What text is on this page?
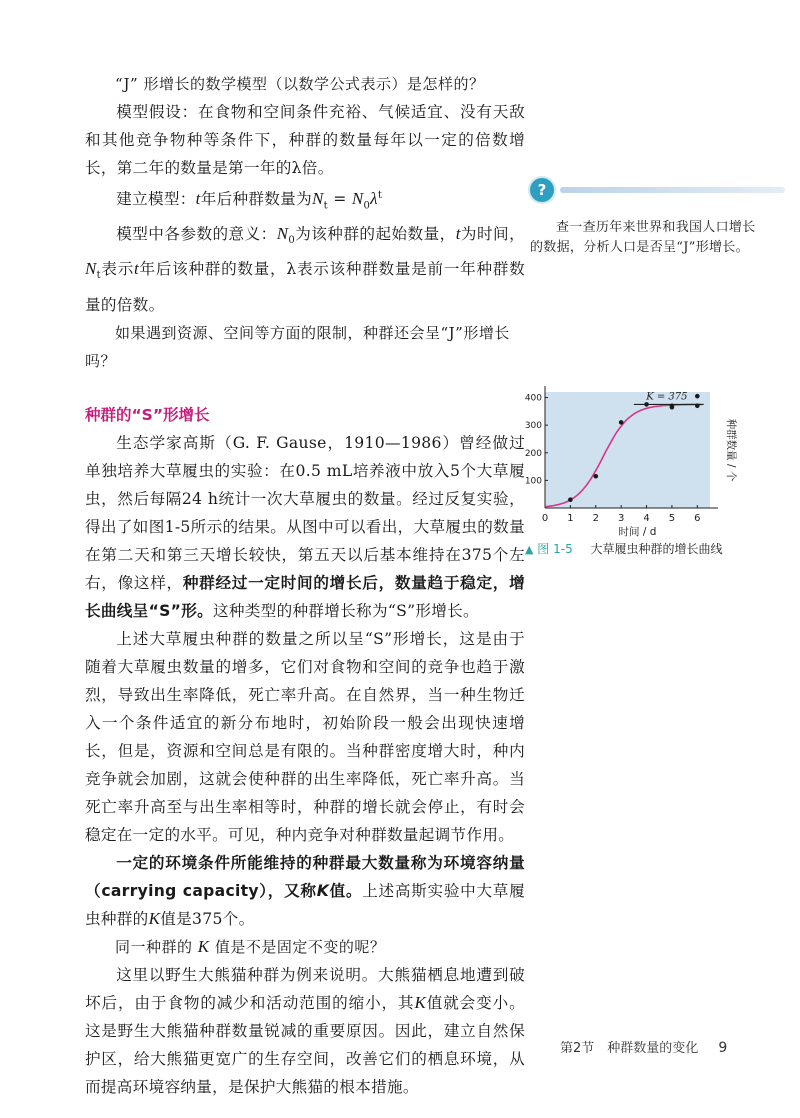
“J” 形增长的数学模型（以数学公式表示）是怎样的？

模型假设：在食物和空间条件充裕、气候适宜、没有天敌和其他竞争物种等条件下，种群的数量每年以一定的倍数增长，第二年的数量是第一年的λ倍。

建立模型：t年后种群数量为$N_t = N_0\lambda^t$

模型中各参数的意义：$N_0$为该种群的起始数量，t为时间，$N_t$表示t年后该种群的数量，λ表示该种群数量是前一年种群数量的倍数。

如果遇到资源、空间等方面的限制，种群还会呈“J”形增长吗？

种群的“S”形增长

生态学家高斯（G. F. Gause，1910—1986）曾经做过单独培养大草履虫的实验：在0.5 mL培养液中放入5个大草履虫，然后每隔24 h统计一次大草履虫的数量。经过反复实验，得出了如图1-5所示的结果。从图中可以看出，大草履虫的数量在第二天和第三天增长较快，第五天以后基本维持在375个左右，像这样，种群经过一定时间的增长后，数量趋于稳定，增长曲线呈“S”形。这种类型的种群增长称为“S”形增长。

上述大草履虫种群的数量之所以呈“S”形增长，这是由于随着大草履虫数量的增多，它们对食物和空间的竞争也趋于激烈，导致出生率降低，死亡率升高。在自然界，当一种生物迁入一个条件适宜的新分布地时，初始阶段一般会出现快速增长，但是，资源和空间总是有限的。当种群密度增大时，种内竞争就会加剧，这就会使种群的出生率降低，死亡率升高。当死亡率升高至与出生率相等时，种群的增长就会停止，有时会稳定在一定的水平。可见，种内竞争对种群数量起调节作用。

一定的环境条件所能维持的种群最大数量称为环境容纳量（carrying capacity），又称K值。上述高斯实验中大草履虫种群的K值是375个。

同一种群的 K 值是不是固定不变的呢？

这里以野生大熊猫种群为例来说明。大熊猫栖息地遭到破坏后，由于食物的减少和活动范围的缩小，其K值就会变小。这是野生大熊猫种群数量锐减的重要原因。因此，建立自然保护区，给大熊猫更宽广的生存空间，改善它们的栖息环境，从而提高环境容纳量，是保护大熊猫的根本措施。

?

查一查历年来世界和我国人口增长的数据，分析人口是否呈“J”形增长。

0 1 2 3 4 5 6
100
200
300
400	K = 375
时间 / d
种群数量 / 个
▲ 图 1-5 大草履虫种群的增长曲线
第2节　种群数量的变化 9
